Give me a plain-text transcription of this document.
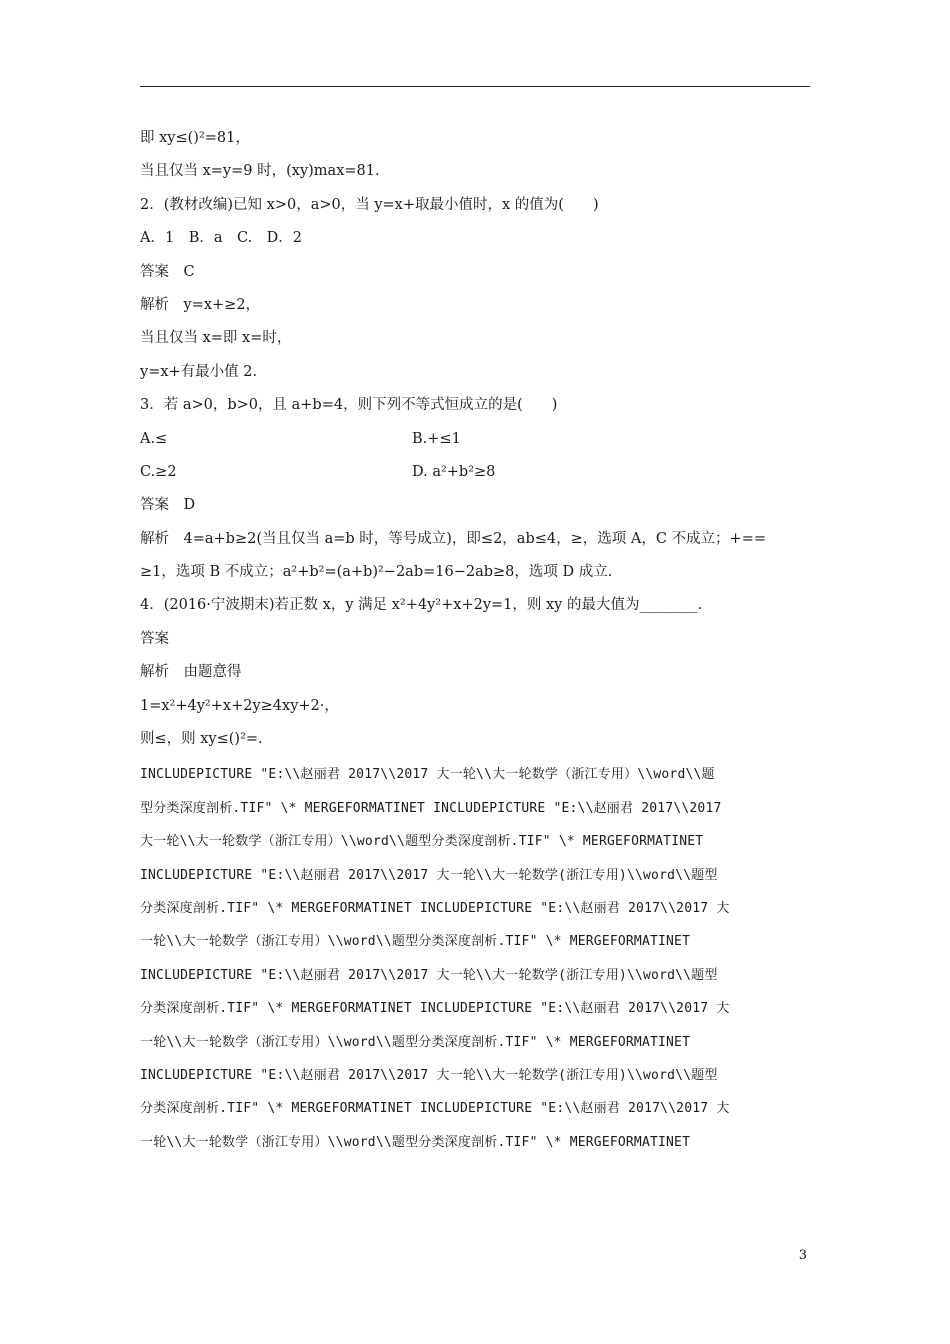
即 xy≤()²=81，
当且仅当 x=y=9 时，(xy)max=81.
2．(教材改编)已知 x>0，a>0，当 y=x+取最小值时，x 的值为(　　)
A．1　B．a　C.　D．2
答案　C
解析　y=x+≥2，
当且仅当 x=即 x=时，
y=x+有最小值 2.
3．若 a>0，b>0，且 a+b=4，则下列不等式恒成立的是(　　)
A.≤	B.+≤1
C.≥2	D. a²+b²≥8
答案　D
解析　4=a+b≥2(当且仅当 a=b 时，等号成立)，即≤2，ab≤4，≥，选项 A，C 不成立；+==
≥1，选项 B 不成立；a²+b²=(a+b)²−2ab=16−2ab≥8，选项 D 成立.
4．(2016·宁波期末)若正数 x，y 满足 x²+4y²+x+2y=1，则 xy 的最大值为________.
答案
解析　由题意得
1=x²+4y²+x+2y≥4xy+2·，
则≤，则 xy≤()²=.
INCLUDEPICTURE "E:\\赵丽君 2017\\2017 大一轮\\大一轮数学（浙江专用）\\word\\题
型分类深度剖析.TIF" \* MERGEFORMATINET INCLUDEPICTURE "E:\\赵丽君 2017\\2017
大一轮\\大一轮数学（浙江专用）\\word\\题型分类深度剖析.TIF" \* MERGEFORMATINET
INCLUDEPICTURE "E:\\赵丽君 2017\\2017 大一轮\\大一轮数学(浙江专用)\\word\\题型
分类深度剖析.TIF" \* MERGEFORMATINET INCLUDEPICTURE "E:\\赵丽君 2017\\2017 大
一轮\\大一轮数学（浙江专用）\\word\\题型分类深度剖析.TIF" \* MERGEFORMATINET
INCLUDEPICTURE "E:\\赵丽君 2017\\2017 大一轮\\大一轮数学(浙江专用)\\word\\题型
分类深度剖析.TIF" \* MERGEFORMATINET INCLUDEPICTURE "E:\\赵丽君 2017\\2017 大
一轮\\大一轮数学（浙江专用）\\word\\题型分类深度剖析.TIF" \* MERGEFORMATINET
INCLUDEPICTURE "E:\\赵丽君 2017\\2017 大一轮\\大一轮数学(浙江专用)\\word\\题型
分类深度剖析.TIF" \* MERGEFORMATINET INCLUDEPICTURE "E:\\赵丽君 2017\\2017 大
一轮\\大一轮数学（浙江专用）\\word\\题型分类深度剖析.TIF" \* MERGEFORMATINET
3
